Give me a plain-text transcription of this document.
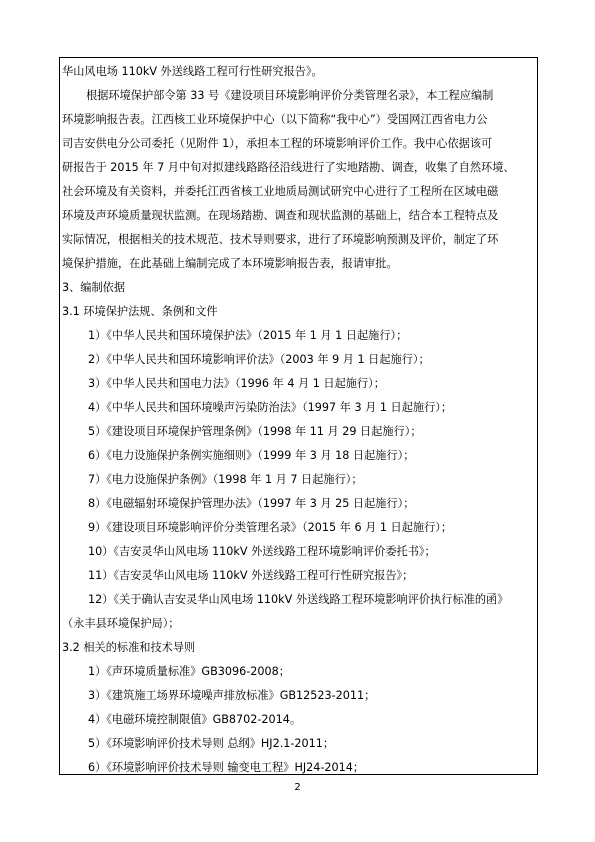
华山风电场 110kV 外送线路工程可行性研究报告》。
根据环境保护部令第 33 号《建设项目环境影响评价分类管理名录》，本工程应编制
环境影响报告表。江西核工业环境保护中心（以下简称“我中心”）受国网江西省电力公
司吉安供电分公司委托（见附件 1），承担本工程的环境影响评价工作。我中心依据该可
研报告于 2015 年 7 月中旬对拟建线路路径沿线进行了实地踏勘、调查，收集了自然环境、
社会环境及有关资料，并委托江西省核工业地质局测试研究中心进行了工程所在区域电磁
环境及声环境质量现状监测。在现场踏勘、调查和现状监测的基础上，结合本工程特点及
实际情况，根据相关的技术规范、技术导则要求，进行了环境影响预测及评价，制定了环
境保护措施，在此基础上编制完成了本环境影响报告表，报请审批。
3、编制依据
3.1 环境保护法规、条例和文件
1）《中华人民共和国环境保护法》（2015 年 1 月 1 日起施行）；
2）《中华人民共和国环境影响评价法》（2003 年 9 月 1 日起施行）；
3）《中华人民共和国电力法》（1996 年 4 月 1 日起施行）；
4）《中华人民共和国环境噪声污染防治法》（1997 年 3 月 1 日起施行）；
5）《建设项目环境保护管理条例》（1998 年 11 月 29 日起施行）；
6）《电力设施保护条例实施细则》（1999 年 3 月 18 日起施行）；
7）《电力设施保护条例》（1998 年 1 月 7 日起施行）；
8）《电磁辐射环境保护管理办法》（1997 年 3 月 25 日起施行）；
9）《建设项目环境影响评价分类管理名录》（2015 年 6 月 1 日起施行）；
10）《吉安灵华山风电场 110kV 外送线路工程环境影响评价委托书》；
11）《吉安灵华山风电场 110kV 外送线路工程可行性研究报告》；
12）《关于确认吉安灵华山风电场 110kV 外送线路工程环境影响评价执行标准的函》
（永丰县环境保护局）；
3.2 相关的标准和技术导则
1）《声环境质量标准》GB3096-2008；
3）《建筑施工场界环境噪声排放标准》GB12523-2011；
4）《电磁环境控制限值》GB8702-2014。
5）《环境影响评价技术导则 总纲》HJ2.1-2011；
6）《环境影响评价技术导则 输变电工程》HJ24-2014；
2
